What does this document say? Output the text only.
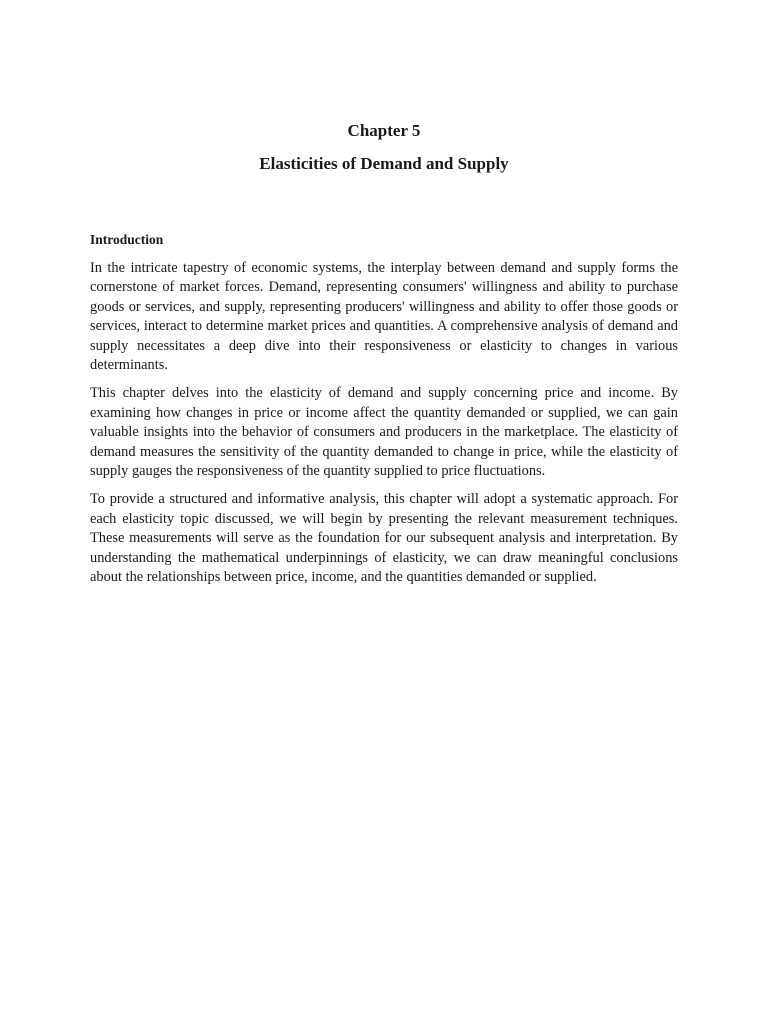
Chapter 5
Elasticities of Demand and Supply
Introduction

In the intricate tapestry of economic systems, the interplay between demand and supply forms the cornerstone of market forces. Demand, representing consumers' willingness and ability to purchase goods or services, and supply, representing producers' willingness and ability to offer those goods or services, interact to determine market prices and quantities. A comprehensive analysis of demand and supply necessitates a deep dive into their responsiveness or elasticity to changes in various determinants.

This chapter delves into the elasticity of demand and supply concerning price and income. By examining how changes in price or income affect the quantity demanded or supplied, we can gain valuable insights into the behavior of consumers and producers in the marketplace. The elasticity of demand measures the sensitivity of the quantity demanded to change in price, while the elasticity of supply gauges the responsiveness of the quantity supplied to price fluctuations.

To provide a structured and informative analysis, this chapter will adopt a systematic approach. For each elasticity topic discussed, we will begin by presenting the relevant measurement techniques. These measurements will serve as the foundation for our subsequent analysis and interpretation. By understanding the mathematical underpinnings of elasticity, we can draw meaningful conclusions about the relationships between price, income, and the quantities demanded or supplied.
